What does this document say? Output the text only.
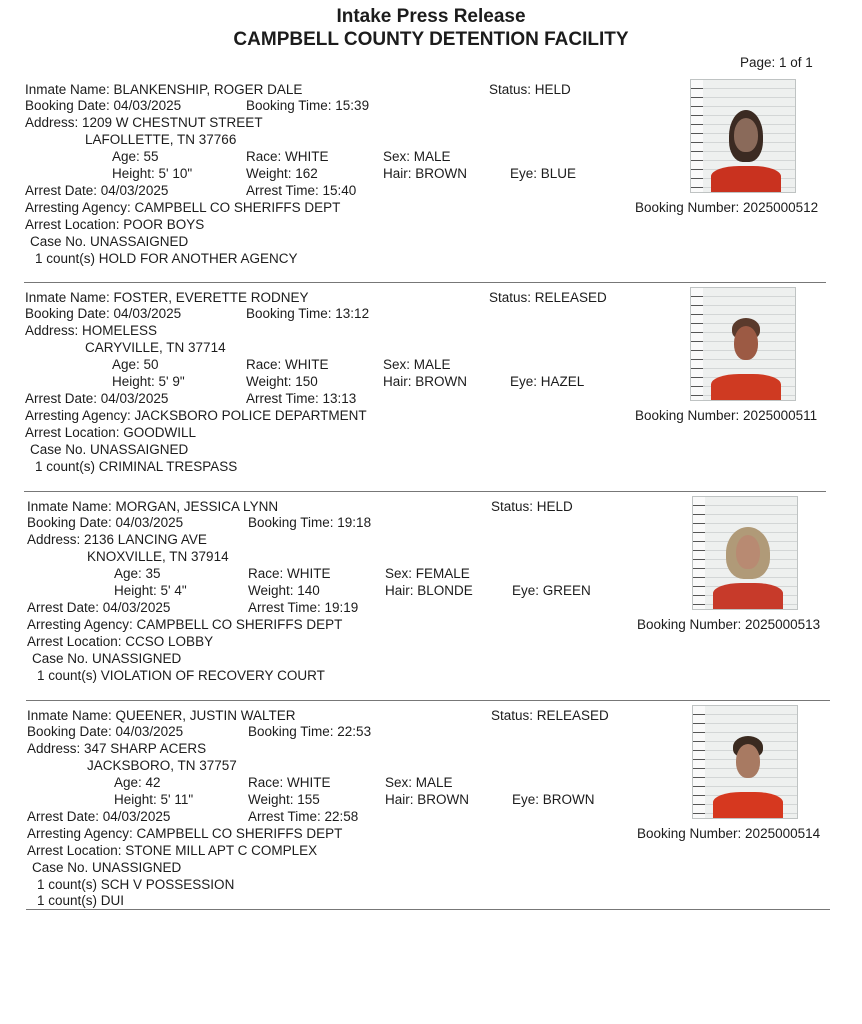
Intake Press Release
CAMPBELL COUNTY DETENTION FACILITY
Page: 1 of 1
Inmate Name: BLANKENSHIP, ROGER DALE
Booking Date: 04/03/2025	Booking Time: 15:39
Address: 1209 W CHESTNUT STREET
LAFOLLETTE, TN 37766
Age: 55	Race: WHITE	Sex: MALE
Height: 5' 10"	Weight: 162	Hair: BROWN	Eye: BLUE
Arrest Date: 04/03/2025	Arrest Time: 15:40
Arresting Agency: CAMPBELL CO SHERIFFS DEPT
Arrest Location: POOR BOYS
Case No. UNASSAIGNED
1 count(s) HOLD FOR ANOTHER AGENCY
Status: HELD
Booking Number: 2025000512
Inmate Name: FOSTER, EVERETTE RODNEY
Booking Date: 04/03/2025	Booking Time: 13:12
Address: HOMELESS
CARYVILLE, TN 37714
Age: 50	Race: WHITE	Sex: MALE
Height: 5' 9"	Weight: 150	Hair: BROWN	Eye: HAZEL
Arrest Date: 04/03/2025	Arrest Time: 13:13
Arresting Agency: JACKSBORO POLICE DEPARTMENT
Arrest Location: GOODWILL
Case No. UNASSAIGNED
1 count(s) CRIMINAL TRESPASS
Status: RELEASED
Booking Number: 2025000511
Inmate Name: MORGAN, JESSICA LYNN
Booking Date: 04/03/2025	Booking Time: 19:18
Address: 2136 LANCING AVE
KNOXVILLE, TN 37914
Age: 35	Race: WHITE	Sex: FEMALE
Height: 5' 4"	Weight: 140	Hair: BLONDE	Eye: GREEN
Arrest Date: 04/03/2025	Arrest Time: 19:19
Arresting Agency: CAMPBELL CO SHERIFFS DEPT
Arrest Location: CCSO LOBBY
Case No. UNASSIGNED
1 count(s) VIOLATION OF RECOVERY COURT
Status: HELD
Booking Number: 2025000513
Inmate Name: QUEENER, JUSTIN WALTER
Booking Date: 04/03/2025	Booking Time: 22:53
Address: 347 SHARP ACERS
JACKSBORO, TN 37757
Age: 42	Race: WHITE	Sex: MALE
Height: 5' 11"	Weight: 155	Hair: BROWN	Eye: BROWN
Arrest Date: 04/03/2025	Arrest Time: 22:58
Arresting Agency: CAMPBELL CO SHERIFFS DEPT
Arrest Location: STONE MILL APT C COMPLEX
Case No. UNASSIGNED
1 count(s) SCH V POSSESSION
1 count(s) DUI
Status: RELEASED
Booking Number: 2025000514
